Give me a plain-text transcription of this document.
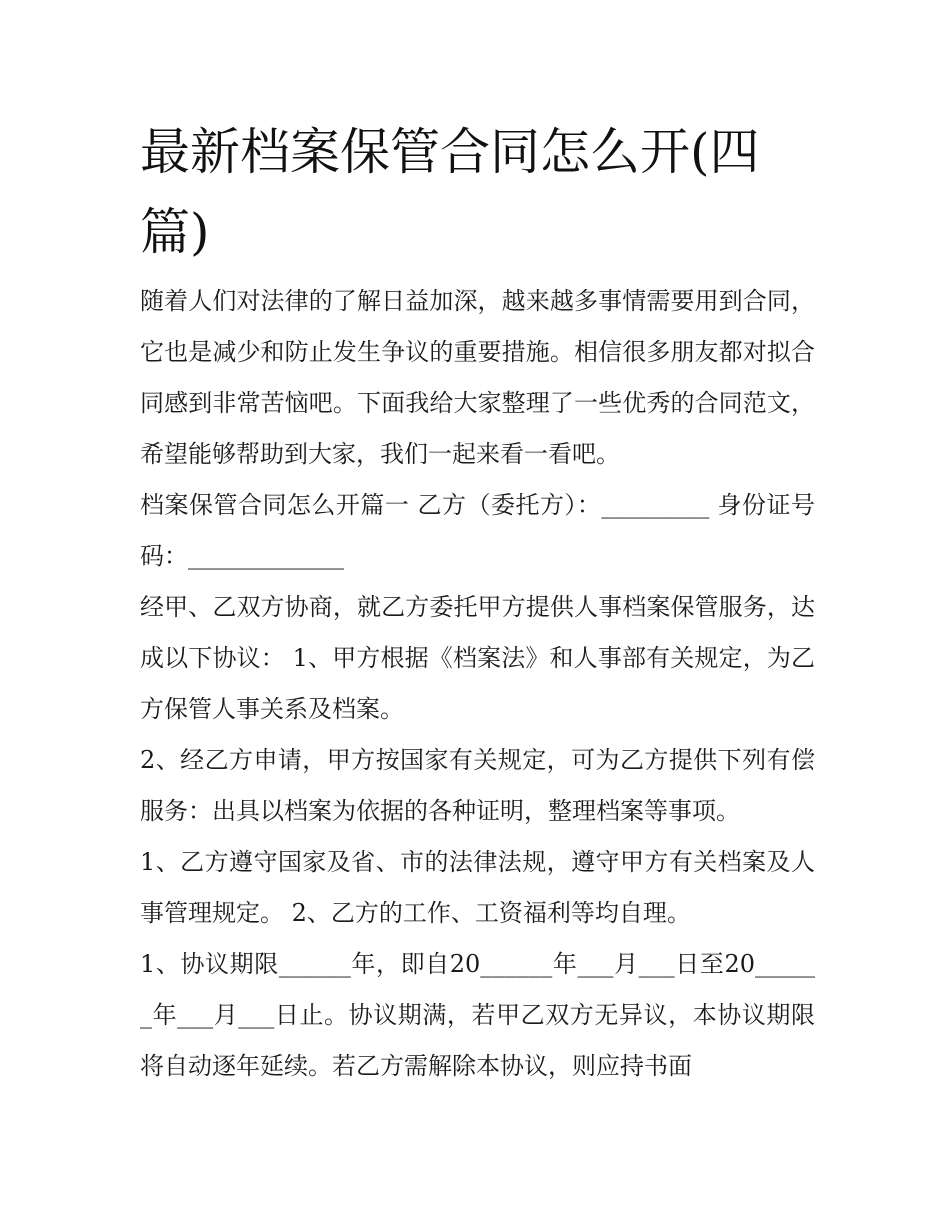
最新档案保管合同怎么开(四篇)

随着人们对法律的了解日益加深，越来越多事情需要用到合同，它也是减少和防止发生争议的重要措施。相信很多朋友都对拟合同感到非常苦恼吧。下面我给大家整理了一些优秀的合同范文，希望能够帮助到大家，我们一起来看一看吧。

档案保管合同怎么开篇一 乙方（委托方）：_________ 身份证号码：_____________

经甲、乙双方协商，就乙方委托甲方提供人事档案保管服务，达成以下协议： 1、甲方根据《档案法》和人事部有关规定，为乙方保管人事关系及档案。

2、经乙方申请，甲方按国家有关规定，可为乙方提供下列有偿服务：出具以档案为依据的各种证明，整理档案等事项。

1、乙方遵守国家及省、市的法律法规，遵守甲方有关档案及人事管理规定。 2、乙方的工作、工资福利等均自理。

1、协议期限______年，即自20______年___月___日至20______年___月___日止。协议期满，若甲乙双方无异议，本协议期限将自动逐年延续。若乙方需解除本协议，则应持书面
